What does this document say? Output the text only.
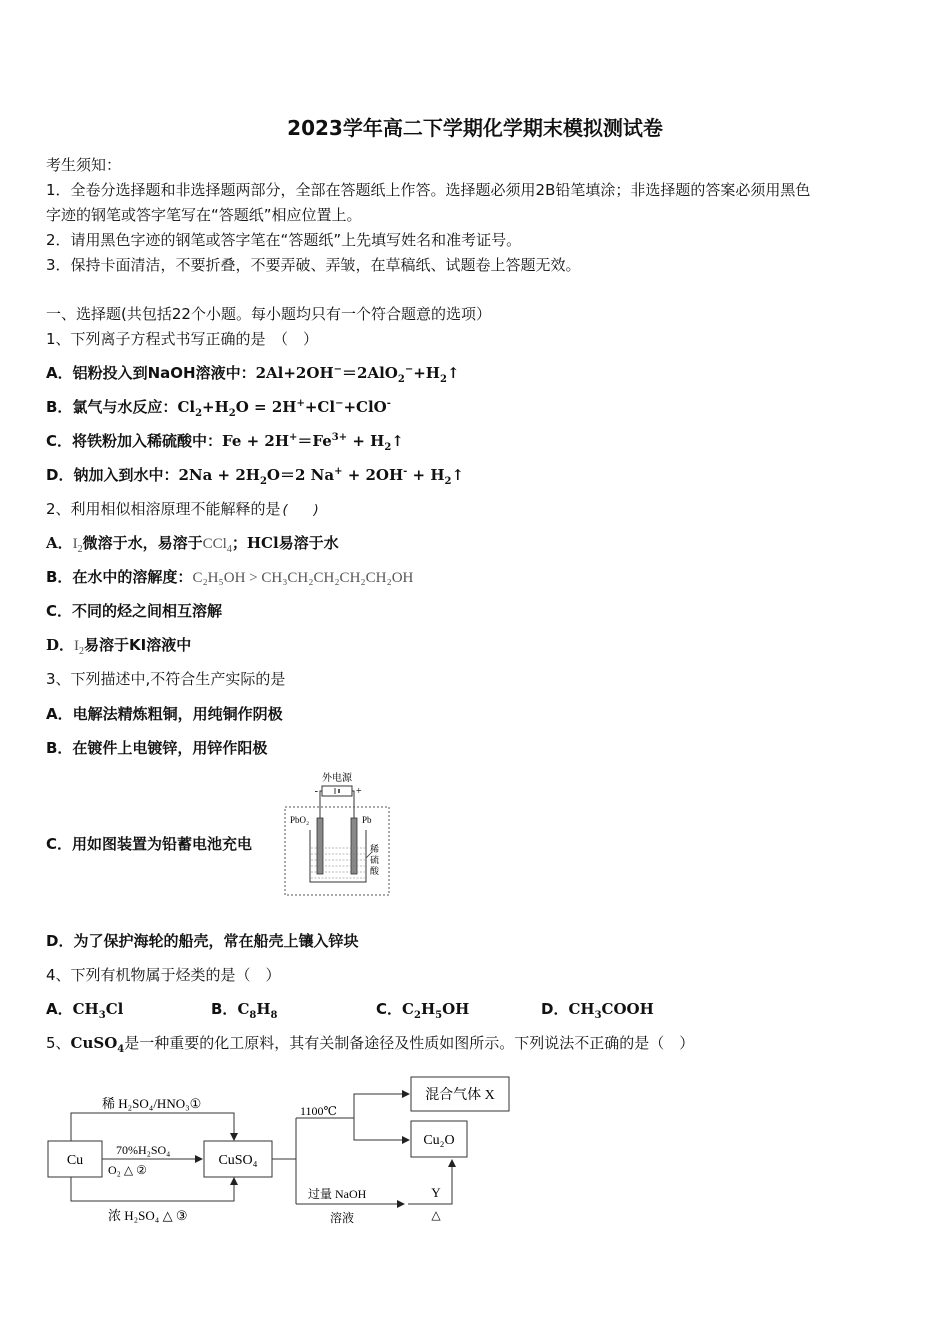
2023学年高二下学期化学期末模拟测试卷
考生须知：
1．全卷分选择题和非选择题两部分，全部在答题纸上作答。选择题必须用2B铅笔填涂；非选择题的答案必须用黑色
字迹的钢笔或答字笔写在“答题纸”相应位置上。
2．请用黑色字迹的钢笔或答字笔在“答题纸”上先填写姓名和准考证号。
3．保持卡面清洁，不要折叠，不要弄破、弄皱，在草稿纸、试题卷上答题无效。
一、选择题(共包括22个小题。每小题均只有一个符合题意的选项）
1、下列离子方程式书写正确的是　（　）
A．铝粉投入到NaOH溶液中：$2Al+2OH^-=2AlO_2^-+H_2↑$
B．氯气与水反应：$Cl_2+H_2O = 2H^++Cl^-+ClO^-$
C．将铁粉加入稀硫酸中：$Fe + 2H^+=Fe^{3+}$ + $H_2↑$
D．钠加入到水中：$2Na + 2H_2O=2$ $Na^+ + 2OH^- + H_2↑$
2、利用相似相溶原理不能解释的是 (　　)
A．$I_2$微溶于水，易溶于CCl$_4$；HCl易溶于水
B．在水中的溶解度：C₂H₅OH > CH₃CH₂CH₂CH₂CH₂OH
C．不同的烃之间相互溶解
D．$I_2$易溶于KI溶液中
3、下列描述中,不符合生产实际的是
A．电解法精炼粗铜，用纯铜作阴极
B．在镀件上电镀锌，用锌作阳极
C．用如图装置为铅蓄电池充电
外电源
-	+
PbO₂	Pb
稀
硫
酸
D．为了保护海轮的船壳，常在船壳上镶入锌块
4、下列有机物属于烃类的是（　）
A．$CH_3Cl$	B．$C_8H_8$	C．$C_2H_5OH$	D．$CH_3COOH$
5、CuSO$_4$是一种重要的化工原料，其有关制备途径及性质如图所示。下列说法不正确的是（　）
Cu	CuSO₄
稀 H₂SO₄/HNO₃①
70%H₂SO₄
O₂ △ ②
浓 H₂SO₄ △ ③
1100℃
混合气体 X
Cu₂O
过量 NaOH
溶液
Y
△
